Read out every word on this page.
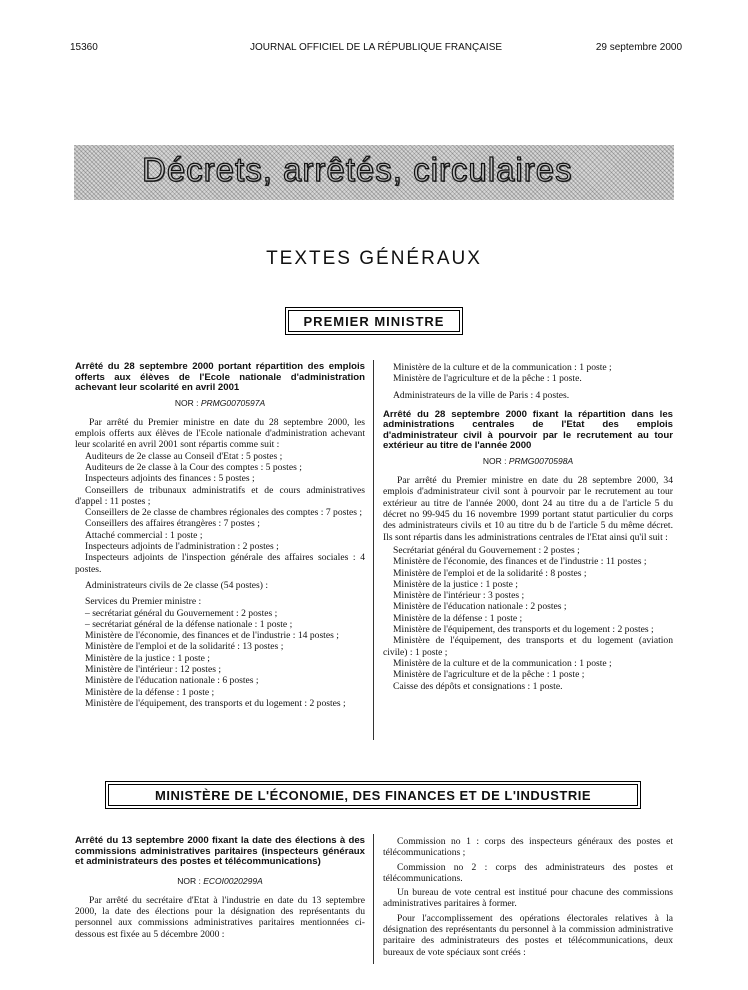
15360	JOURNAL OFFICIEL DE LA RÉPUBLIQUE FRANÇAISE	29 septembre 2000
Décrets, arrêtés, circulaires
TEXTES GÉNÉRAUX
PREMIER MINISTRE
Arrêté du 28 septembre 2000 portant répartition des emplois offerts aux élèves de l'Ecole nationale d'administration achevant leur scolarité en avril 2001
NOR : PRMG0070597A

Par arrêté du Premier ministre en date du 28 septembre 2000, les emplois offerts aux élèves de l'Ecole nationale d'administration achevant leur scolarité en avril 2001 sont répartis comme suit :

Auditeurs de 2e classe au Conseil d'Etat : 5 postes ;

Auditeurs de 2e classe à la Cour des comptes : 5 postes ;

Inspecteurs adjoints des finances : 5 postes ;

Conseillers de tribunaux administratifs et de cours administratives d'appel : 11 postes ;

Conseillers de 2e classe de chambres régionales des comptes : 7 postes ;

Conseillers des affaires étrangères : 7 postes ;

Attaché commercial : 1 poste ;

Inspecteurs adjoints de l'administration : 2 postes ;

Inspecteurs adjoints de l'inspection générale des affaires sociales : 4 postes.

Administrateurs civils de 2e classe (54 postes) :

Services du Premier ministre :

– secrétariat général du Gouvernement : 2 postes ;

– secrétariat général de la défense nationale : 1 poste ;

Ministère de l'économie, des finances et de l'industrie : 14 postes ;

Ministère de l'emploi et de la solidarité : 13 postes ;

Ministère de la justice : 1 poste ;

Ministère de l'intérieur : 12 postes ;

Ministère de l'éducation nationale : 6 postes ;

Ministère de la défense : 1 poste ;

Ministère de l'équipement, des transports et du logement : 2 postes ;

Ministère de la culture et de la communication : 1 poste ;

Ministère de l'agriculture et de la pêche : 1 poste.

Administrateurs de la ville de Paris : 4 postes.

Arrêté du 28 septembre 2000 fixant la répartition dans les administrations centrales de l'Etat des emplois d'administrateur civil à pourvoir par le recrutement au tour extérieur au titre de l'année 2000
NOR : PRMG0070598A

Par arrêté du Premier ministre en date du 28 septembre 2000, 34 emplois d'administrateur civil sont à pourvoir par le recrutement au tour extérieur au titre de l'année 2000, dont 24 au titre du a de l'article 5 du décret no 99-945 du 16 novembre 1999 portant statut particulier du corps des administrateurs civils et 10 au titre du b de l'article 5 du même décret. Ils sont répartis dans les administrations centrales de l'Etat ainsi qu'il suit :

Secrétariat général du Gouvernement : 2 postes ;

Ministère de l'économie, des finances et de l'industrie : 11 postes ;

Ministère de l'emploi et de la solidarité : 8 postes ;

Ministère de la justice : 1 poste ;

Ministère de l'intérieur : 3 postes ;

Ministère de l'éducation nationale : 2 postes ;

Ministère de la défense : 1 poste ;

Ministère de l'équipement, des transports et du logement : 2 postes ;

Ministère de l'équipement, des transports et du logement (aviation civile) : 1 poste ;

Ministère de la culture et de la communication : 1 poste ;

Ministère de l'agriculture et de la pêche : 1 poste ;

Caisse des dépôts et consignations : 1 poste.

MINISTÈRE DE L'ÉCONOMIE, DES FINANCES ET DE L'INDUSTRIE
Arrêté du 13 septembre 2000 fixant la date des élections à des commissions administratives paritaires (inspecteurs généraux et administrateurs des postes et télécommunications)
NOR : ECOI0020299A

Par arrêté du secrétaire d'Etat à l'industrie en date du 13 septembre 2000, la date des élections pour la désignation des représentants du personnel aux commissions administratives paritaires mentionnées ci-dessous est fixée au 5 décembre 2000 :

Commission no 1 : corps des inspecteurs généraux des postes et télécommunications ;

Commission no 2 : corps des administrateurs des postes et télécommunications.

Un bureau de vote central est institué pour chacune des commissions administratives paritaires à former.

Pour l'accomplissement des opérations électorales relatives à la désignation des représentants du personnel à la commission administrative paritaire des administrateurs des postes et télécommunications, deux bureaux de vote spéciaux sont créés :
